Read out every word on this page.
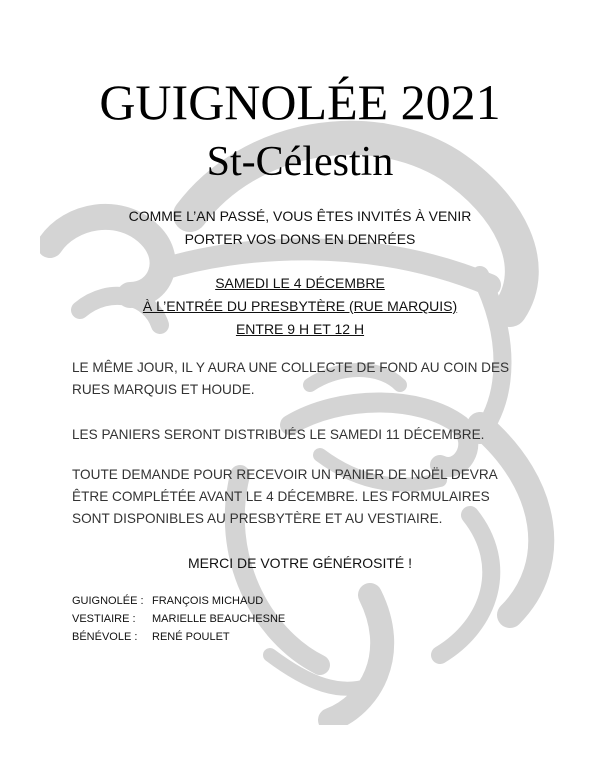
GUIGNOLÉE 2021
St-Célestin
COMME L’AN PASSÉ, VOUS ÊTES INVITÉS À VENIR
PORTER VOS DONS EN DENRÉES
SAMEDI LE 4 DÉCEMBRE
À L’ENTRÉE DU PRESBYTÈRE (RUE MARQUIS)
ENTRE 9 H ET 12 H
LE MÊME JOUR, IL Y AURA UNE COLLECTE DE FOND AU COIN DES
RUES MARQUIS ET HOUDE.
LES PANIERS SERONT DISTRIBUÉS LE SAMEDI 11 DÉCEMBRE.
TOUTE DEMANDE POUR RECEVOIR UN PANIER DE NOËL DEVRA
ÊTRE COMPLÉTÉE AVANT LE 4 DÉCEMBRE. LES FORMULAIRES
SONT DISPONIBLES AU PRESBYTÈRE ET AU VESTIAIRE.
MERCI DE VOTRE GÉNÉROSITÉ !
GUIGNOLÉE : FRANÇOIS MICHAUD
VESTIAIRE :	MARIELLE BEAUCHESNE
BÉNÉVOLE :	RENÉ POULET
